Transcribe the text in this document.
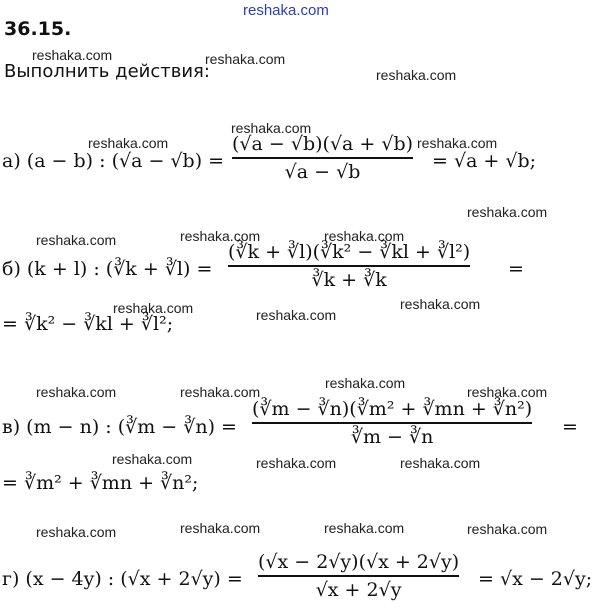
reshaka.com
reshaka.com	reshaka.com
reshaka.com
reshaka.com
reshaka.com
reshaka.com
reshaka.com
reshaka.com	reshaka.com	reshaka.com
reshaka.com	reshaka.com
reshaka.com
reshaka.com	reshaka.com
reshaka.com
reshaka.com
reshaka.com	reshaka.com	reshaka.com
reshaka.com	reshaka.com	reshaka.com	reshaka.com
36.15.
Выполнить действия:
а) (a − b) : (√a − √b) =
(√a − √b)(√a + √b)
√a − √b	= √a + √b;
б) (k + l) : (∛k + ∛l) =
(∛k + ∛l)(∛k² − ∛kl + ∛l²)
∛k + ∛k	=
= ∛k² − ∛kl + ∛l²;
в) (m − n) : (∛m − ∛n) =
(∛m − ∛n)(∛m² + ∛mn + ∛n²)
∛m − ∛n	=
= ∛m² + ∛mn + ∛n²;
г) (x − 4y) : (√x + 2√y) =
(√x − 2√y)(√x + 2√y)
√x + 2√y	= √x − 2√y;
